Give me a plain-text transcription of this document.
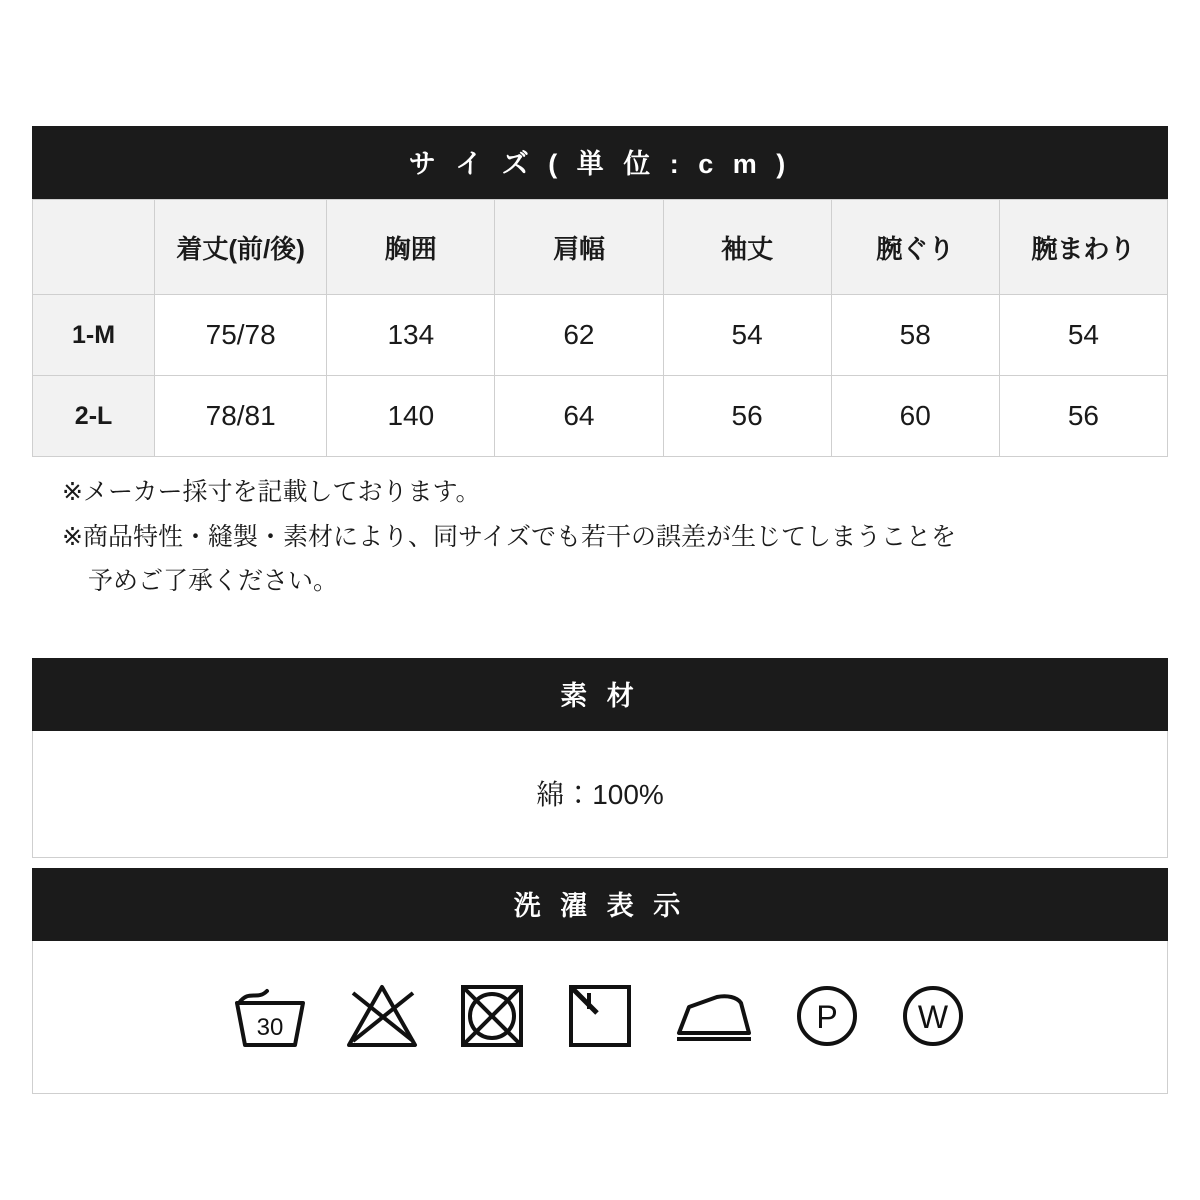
サ イ ズ ( 単 位 : c m )
	着丈(前/後)	胸囲	肩幅	袖丈	腕ぐり	腕まわり
1-M	75/78	134	62	54	58	54
2-L	78/81	140	64	56	60	56

※メーカー採寸を記載しております。

※商品特性・縫製・素材により、同サイズでも若干の誤差が生じてしまうことを

予めご了承ください。

素 材
綿：100%
洗 濯 表 示
30	P	W
